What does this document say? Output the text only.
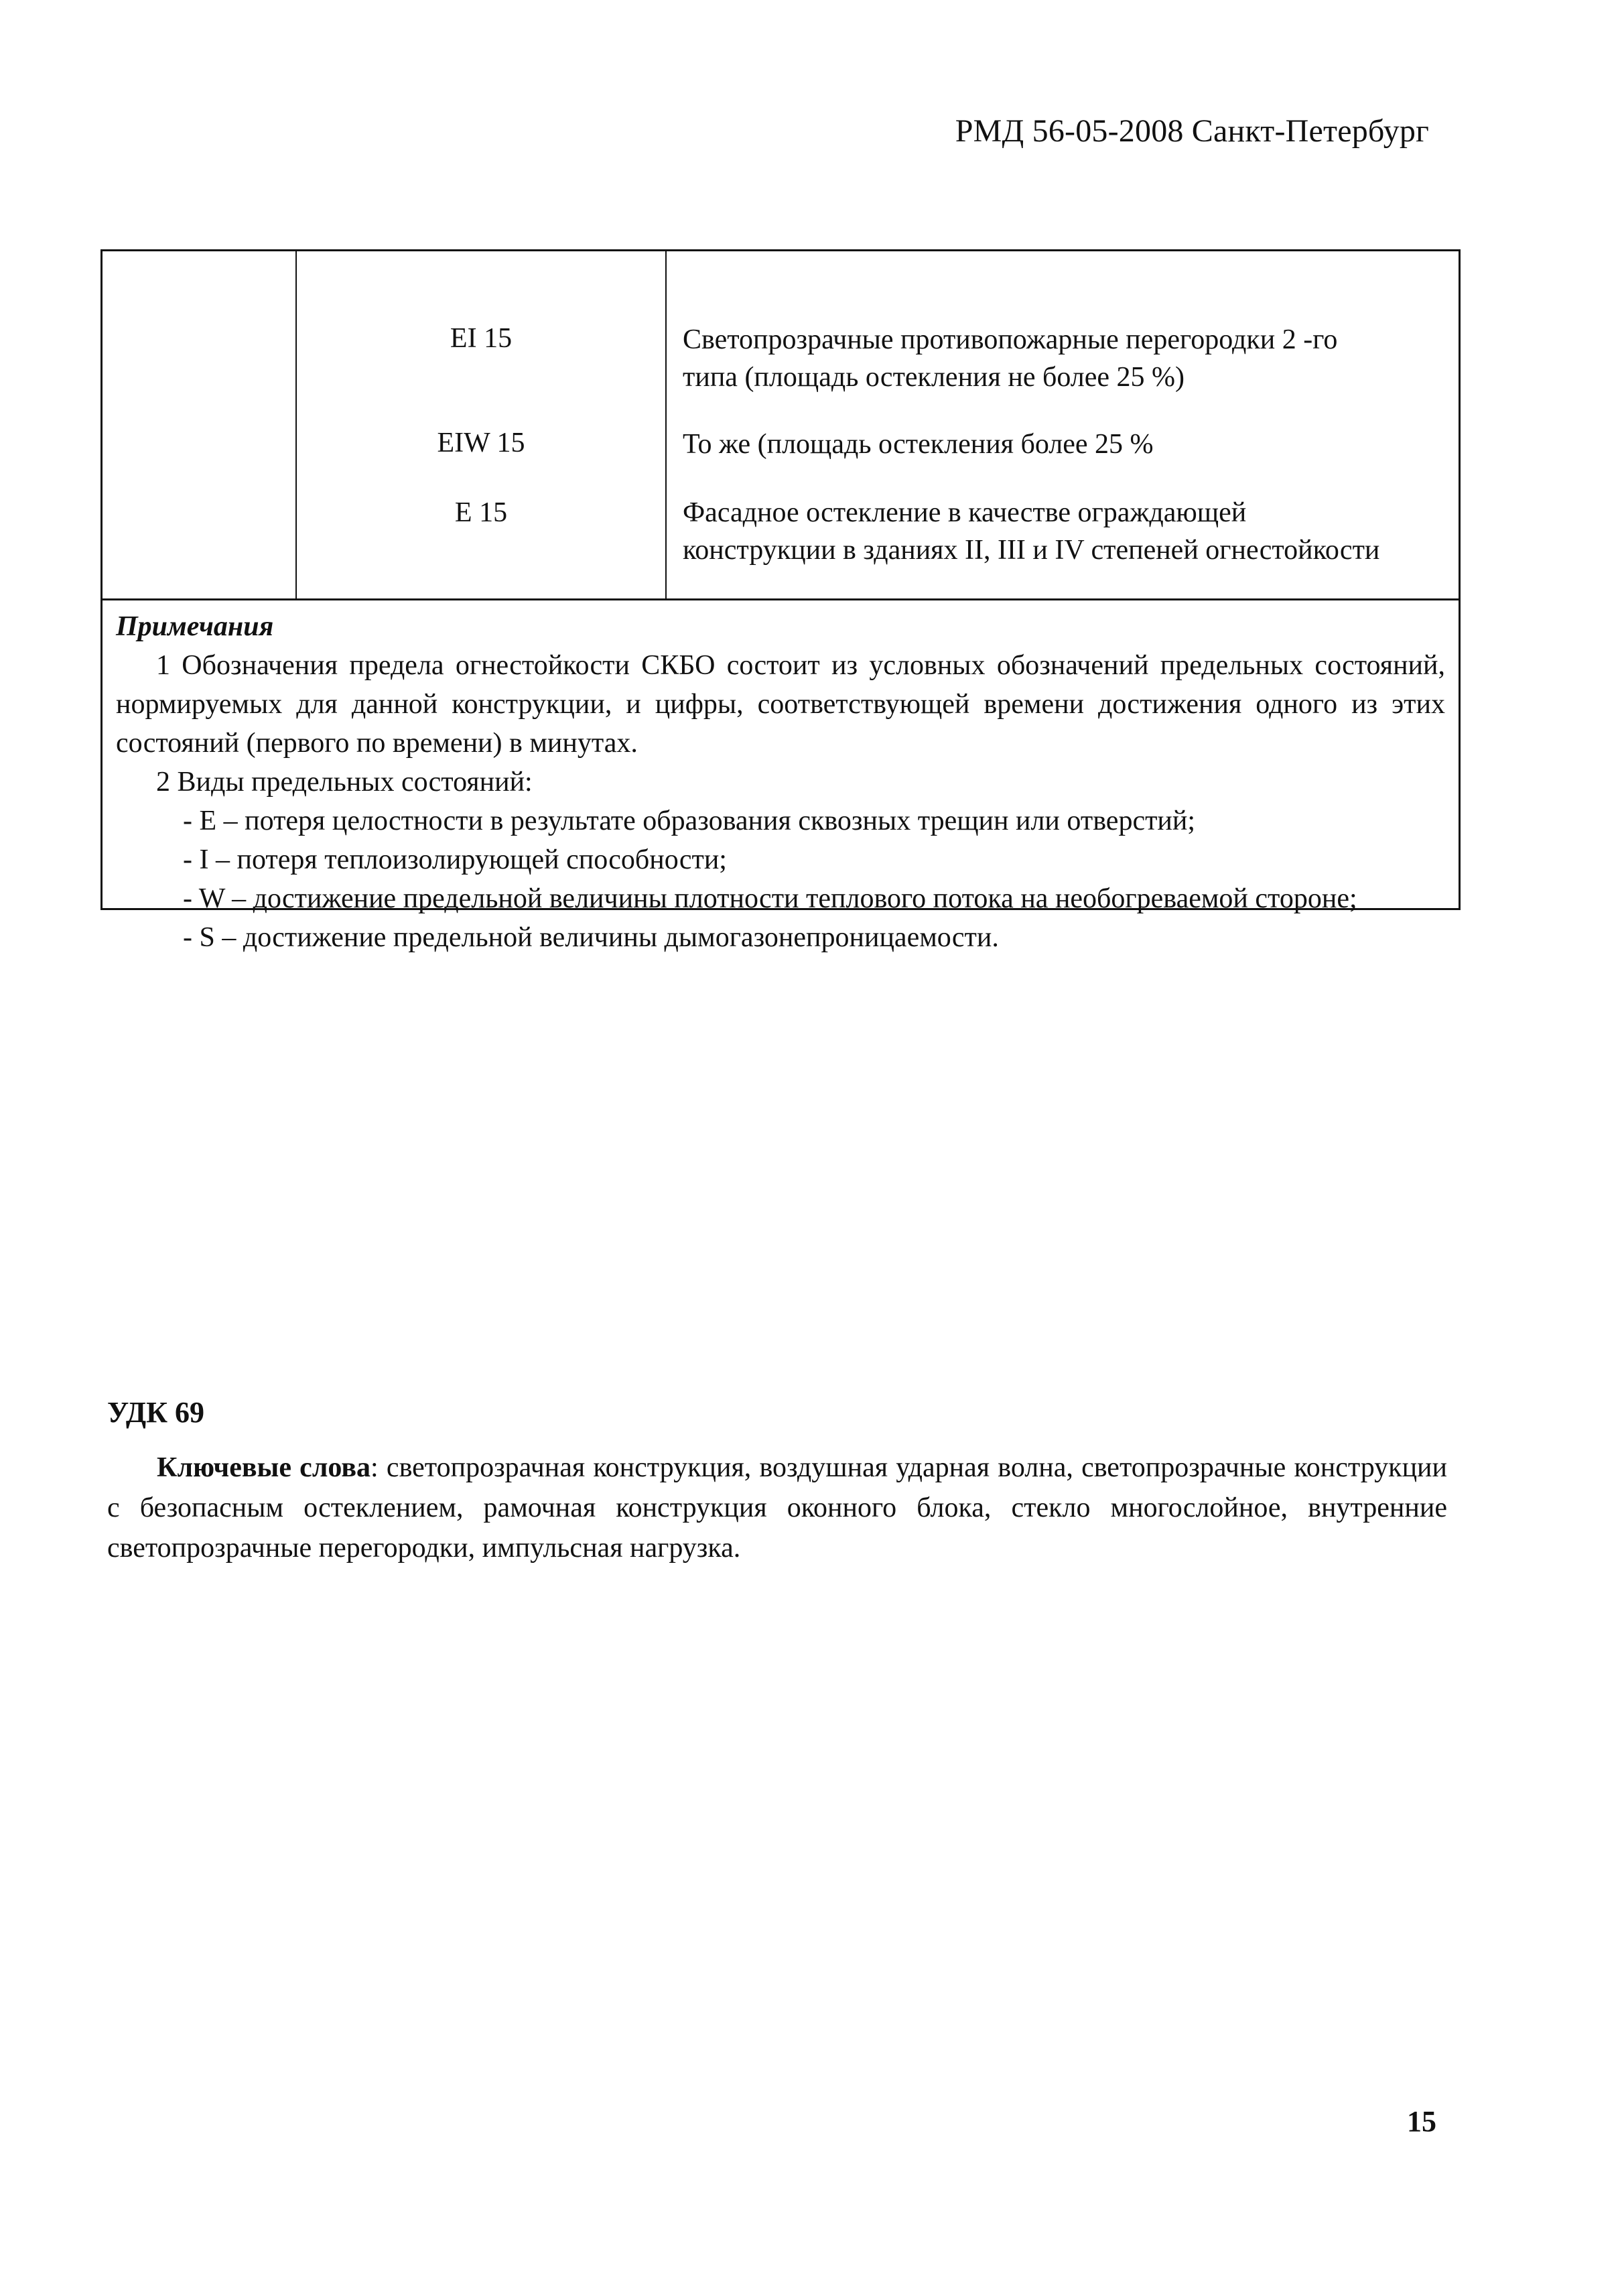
РМД 56-05-2008 Санкт-Петербург
EI 15
EIW 15
E 15
Светопрозрачные противопожарные перегородки 2 -го
типа (площадь остекления не более 25 %)
То же (площадь остекления более 25 %
Фасадное остекление в качестве ограждающей
конструкции в зданиях II, III и IV степеней огнестойкости
Примечания
1 Обозначения предела огнестойкости СКБО состоит из условных обозначений предельных состояний, нормируемых для данной конструкции, и цифры, соответствующей времени достижения одного из этих состояний (первого по времени) в минутах.
2 Виды предельных состояний:
- Е – потеря целостности в результате образования сквозных трещин или отверстий;
- I – потеря теплоизолирующей способности;
- W – достижение предельной величины плотности теплового потока на необогреваемой стороне;
- S – достижение предельной величины дымогазонепроницаемости.
УДК 69
Ключевые слова: светопрозрачная конструкция, воздушная ударная волна, светопрозрачные конструкции с безопасным остеклением, рамочная конструкция оконного блока, стекло многослойное, внутренние светопрозрачные перегородки, импульсная нагрузка.
15
